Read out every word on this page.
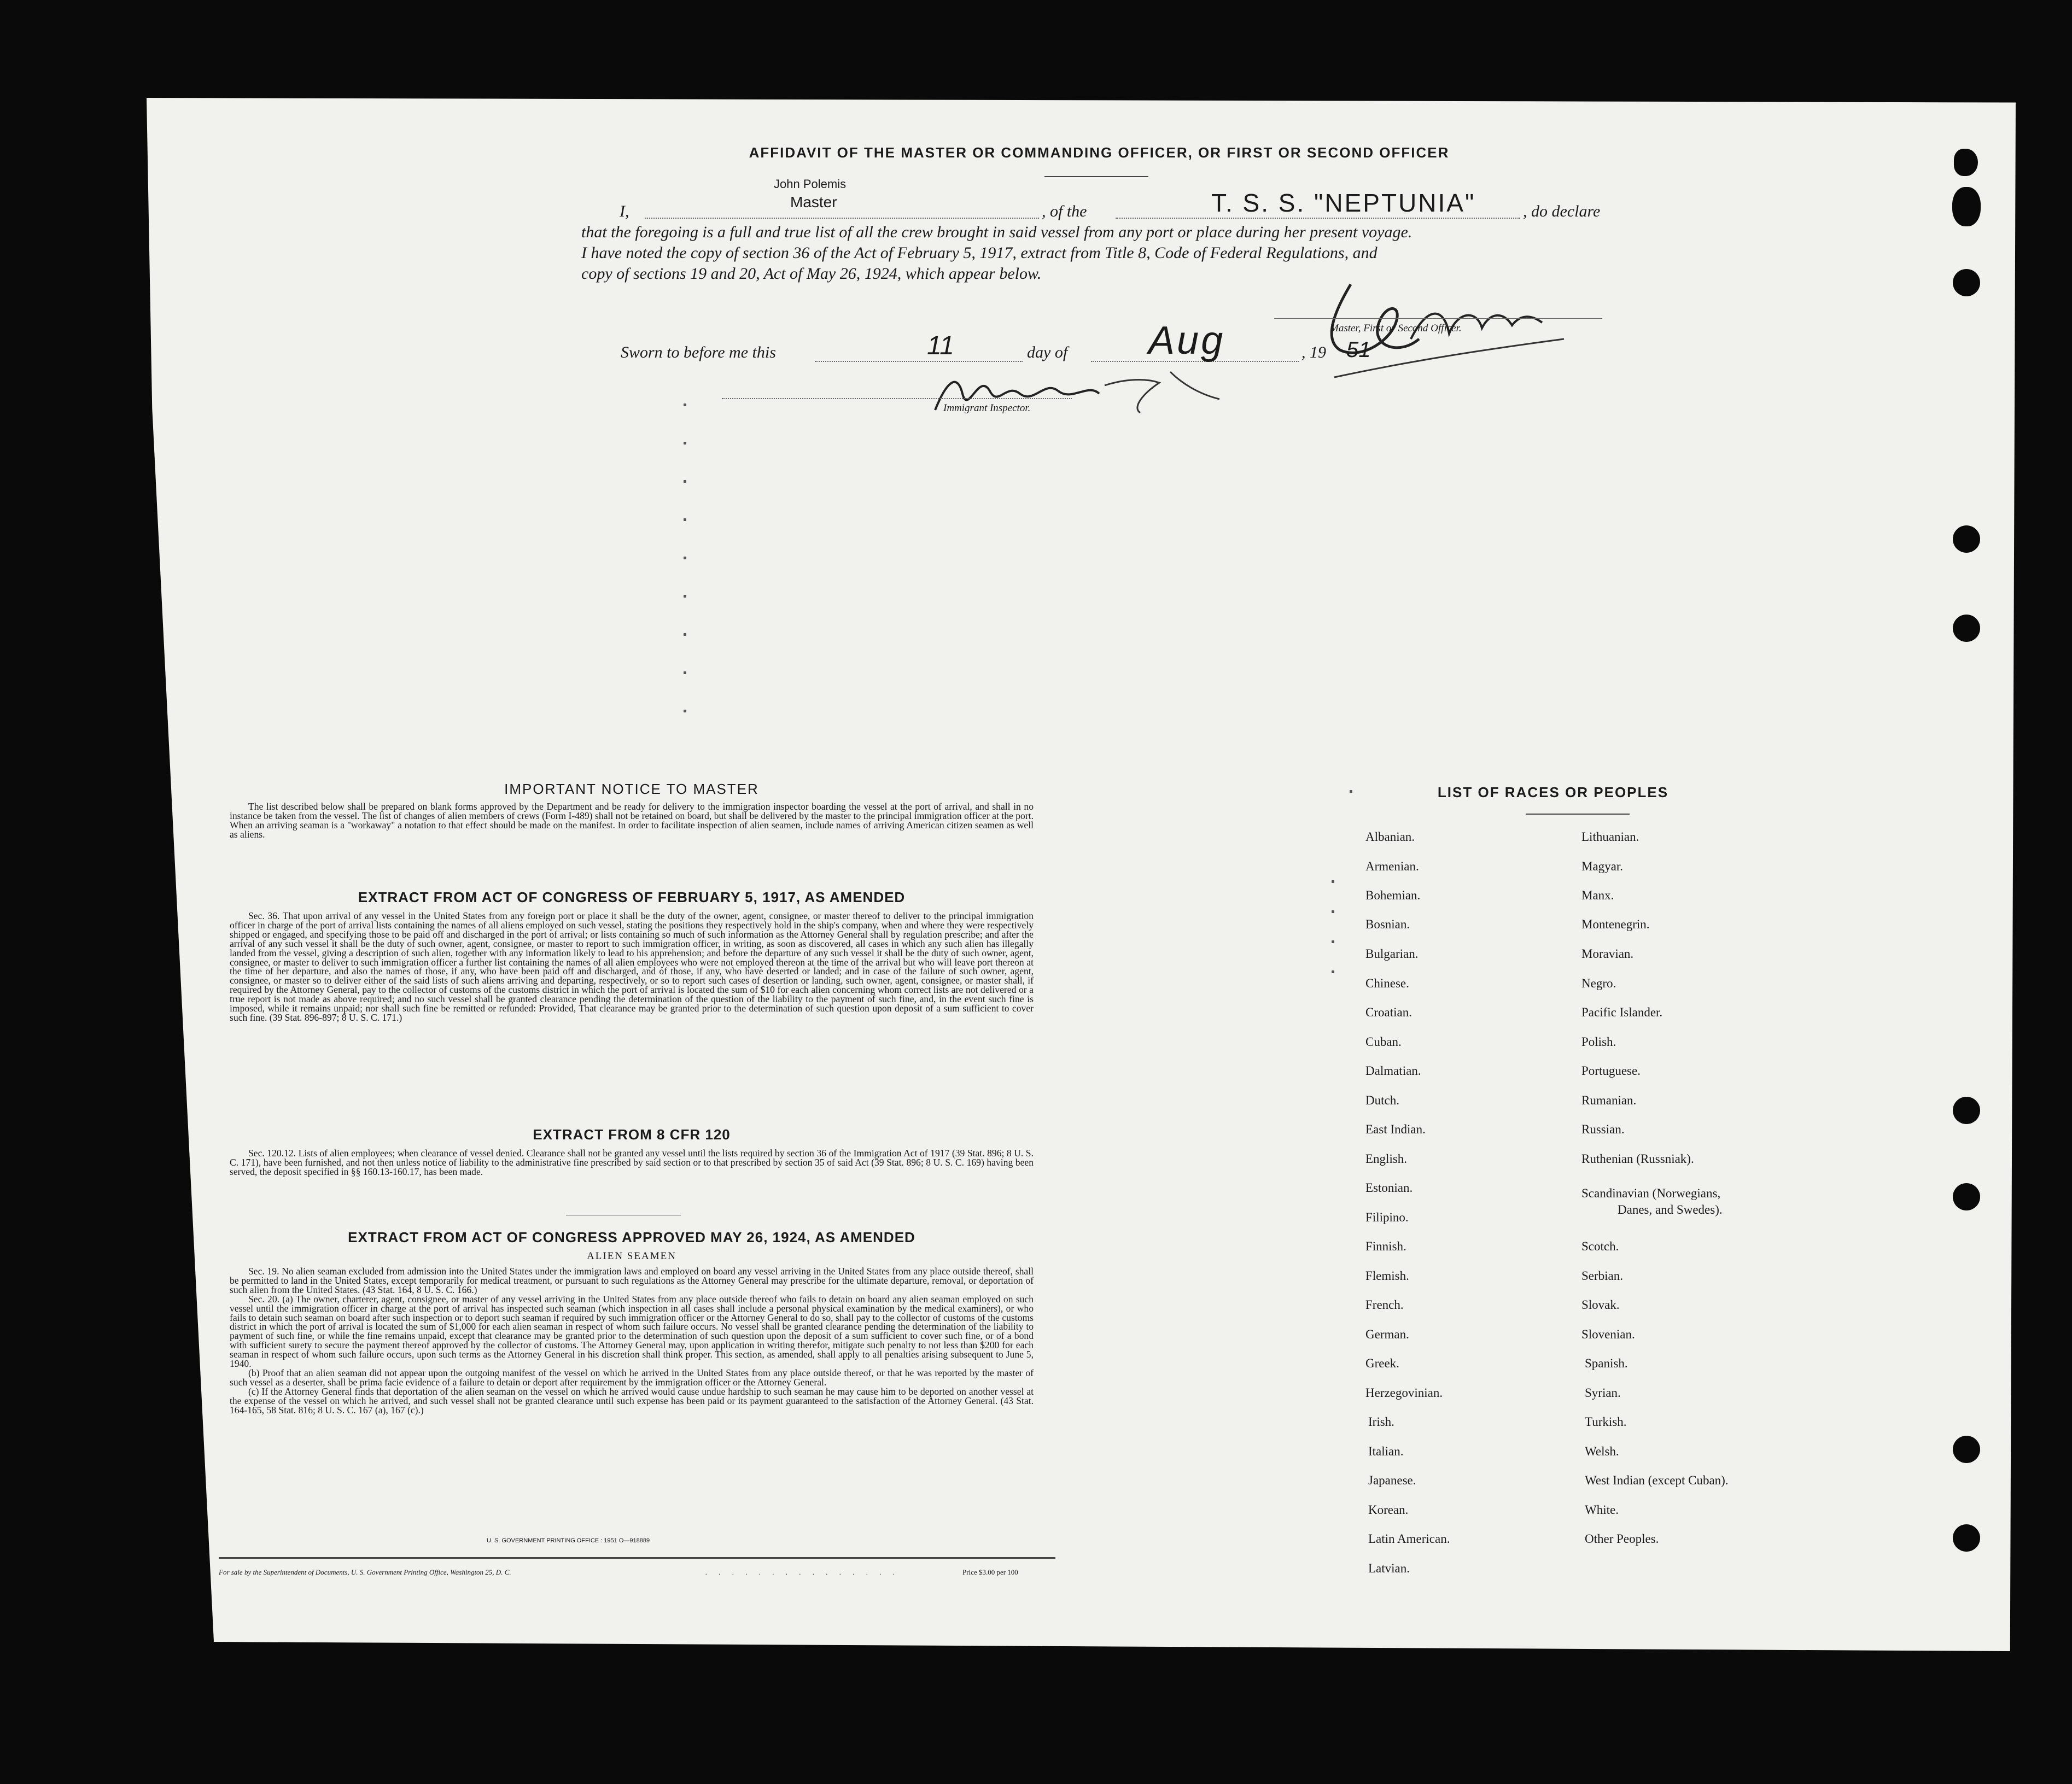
AFFIDAVIT OF THE MASTER OR COMMANDING OFFICER, OR FIRST OR SECOND OFFICER
I,
John Polemis
Master
, of the	T. S. S. "NEPTUNIA"	, do declare
that the foregoing is a full and true list of all the crew brought in said vessel from any port or place during her present voyage.
I have noted the copy of section 36 of the Act of February 5, 1917, extract from Title 8, Code of Federal Regulations, and
copy of sections 19 and 20, Act of May 26, 1924, which appear below.
Master, First or Second Officer.
Sworn to before me this	11	day of Aug	, 19 51
Immigrant Inspector.
IMPORTANT NOTICE TO MASTER

The list described below shall be prepared on blank forms approved by the Department and be ready for delivery to the immigration inspector boarding the vessel at the port of arrival, and shall in no instance be taken from the vessel. The list of changes of alien members of crews (Form I-489) shall not be retained on board, but shall be delivered by the master to the principal immigration officer at the port. When an arriving seaman is a "workaway" a notation to that effect should be made on the manifest. In order to facilitate inspection of alien seamen, include names of arriving American citizen seamen as well as aliens.

EXTRACT FROM ACT OF CONGRESS OF FEBRUARY 5, 1917, AS AMENDED

Sec. 36. That upon arrival of any vessel in the United States from any foreign port or place it shall be the duty of the owner, agent, consignee, or master thereof to deliver to the principal immigration officer in charge of the port of arrival lists containing the names of all aliens employed on such vessel, stating the positions they respectively hold in the ship's company, when and where they were respectively shipped or engaged, and specifying those to be paid off and discharged in the port of arrival; or lists containing so much of such information as the Attorney General shall by regulation prescribe; and after the arrival of any such vessel it shall be the duty of such owner, agent, consignee, or master to report to such immigration officer, in writing, as soon as discovered, all cases in which any such alien has illegally landed from the vessel, giving a description of such alien, together with any information likely to lead to his apprehension; and before the departure of any such vessel it shall be the duty of such owner, agent, consignee, or master to deliver to such immigration officer a further list containing the names of all alien employees who were not employed thereon at the time of the arrival but who will leave port thereon at the time of her departure, and also the names of those, if any, who have been paid off and discharged, and of those, if any, who have deserted or landed; and in case of the failure of such owner, agent, consignee, or master so to deliver either of the said lists of such aliens arriving and departing, respectively, or so to report such cases of desertion or landing, such owner, agent, consignee, or master shall, if required by the Attorney General, pay to the collector of customs of the customs district in which the port of arrival is located the sum of $10 for each alien concerning whom correct lists are not delivered or a true report is not made as above required; and no such vessel shall be granted clearance pending the determination of the question of the liability to the payment of such fine, and, in the event such fine is imposed, while it remains unpaid; nor shall such fine be remitted or refunded: Provided, That clearance may be granted prior to the determination of such question upon deposit of a sum sufficient to cover such fine. (39 Stat. 896-897; 8 U. S. C. 171.)

EXTRACT FROM 8 CFR 120

Sec. 120.12. Lists of alien employees; when clearance of vessel denied. Clearance shall not be granted any vessel until the lists required by section 36 of the Immigration Act of 1917 (39 Stat. 896; 8 U. S. C. 171), have been furnished, and not then unless notice of liability to the administrative fine prescribed by said section or to that prescribed by section 35 of said Act (39 Stat. 896; 8 U. S. C. 169) having been served, the deposit specified in §§ 160.13-160.17, has been made.

EXTRACT FROM ACT OF CONGRESS APPROVED MAY 26, 1924, AS AMENDED
ALIEN SEAMEN

Sec. 19. No alien seaman excluded from admission into the United States under the immigration laws and employed on board any vessel arriving in the United States from any place outside thereof, shall be permitted to land in the United States, except temporarily for medical treatment, or pursuant to such regulations as the Attorney General may prescribe for the ultimate departure, removal, or deportation of such alien from the United States. (43 Stat. 164, 8 U. S. C. 166.)

Sec. 20. (a) The owner, charterer, agent, consignee, or master of any vessel arriving in the United States from any place outside thereof who fails to detain on board any alien seaman employed on such vessel until the immigration officer in charge at the port of arrival has inspected such seaman (which inspection in all cases shall include a personal physical examination by the medical examiners), or who fails to detain such seaman on board after such inspection or to deport such seaman if required by such immigration officer or the Attorney General to do so, shall pay to the collector of customs of the customs district in which the port of arrival is located the sum of $1,000 for each alien seaman in respect of whom such failure occurs. No vessel shall be granted clearance pending the determination of the liability to payment of such fine, or while the fine remains unpaid, except that clearance may be granted prior to the determination of such question upon the deposit of a sum sufficient to cover such fine, or of a bond with sufficient surety to secure the payment thereof approved by the collector of customs. The Attorney General may, upon application in writing therefor, mitigate such penalty to not less than $200 for each seaman in respect of whom such failure occurs, upon such terms as the Attorney General in his discretion shall think proper. This section, as amended, shall apply to all penalties arising subsequent to June 5, 1940.

(b) Proof that an alien seaman did not appear upon the outgoing manifest of the vessel on which he arrived in the United States from any place outside thereof, or that he was reported by the master of such vessel as a deserter, shall be prima facie evidence of a failure to detain or deport after requirement by the immigration officer or the Attorney General.

(c) If the Attorney General finds that deportation of the alien seaman on the vessel on which he arrived would cause undue hardship to such seaman he may cause him to be deported on another vessel at the expense of the vessel on which he arrived, and such vessel shall not be granted clearance until such expense has been paid or its payment guaranteed to the satisfaction of the Attorney General. (43 Stat. 164-165, 58 Stat. 816; 8 U. S. C. 167 (a), 167 (c).)

U. S. GOVERNMENT PRINTING OFFICE : 1951 O—918889
For sale by the Superintendent of Documents, U. S. Government Printing Office, Washington 25, D. C.	. . . . . . . . . . . . . . .	Price $3.00 per 100
LIST OF RACES OR PEOPLES
Albanian.
Armenian.
Bohemian.
Bosnian.
Bulgarian.
Chinese.
Croatian.
Cuban.
Dalmatian.
Dutch.
East Indian.
English.
Estonian.
Filipino.
Finnish.
Flemish.
French.
German.
Greek.
Herzegovinian.
Irish.
Italian.
Japanese.
Korean.
Latin American.
Latvian.
Lithuanian.
Magyar.
Manx.
Montenegrin.
Moravian.
Negro.
Pacific Islander.
Polish.
Portuguese.
Rumanian.
Russian.
Ruthenian (Russniak).
Scandinavian (Norwegians,
Danes, and Swedes).
Scotch.
Serbian.
Slovak.
Slovenian.
Spanish.
Syrian.
Turkish.
Welsh.
West Indian (except Cuban).
White.
Other Peoples.
